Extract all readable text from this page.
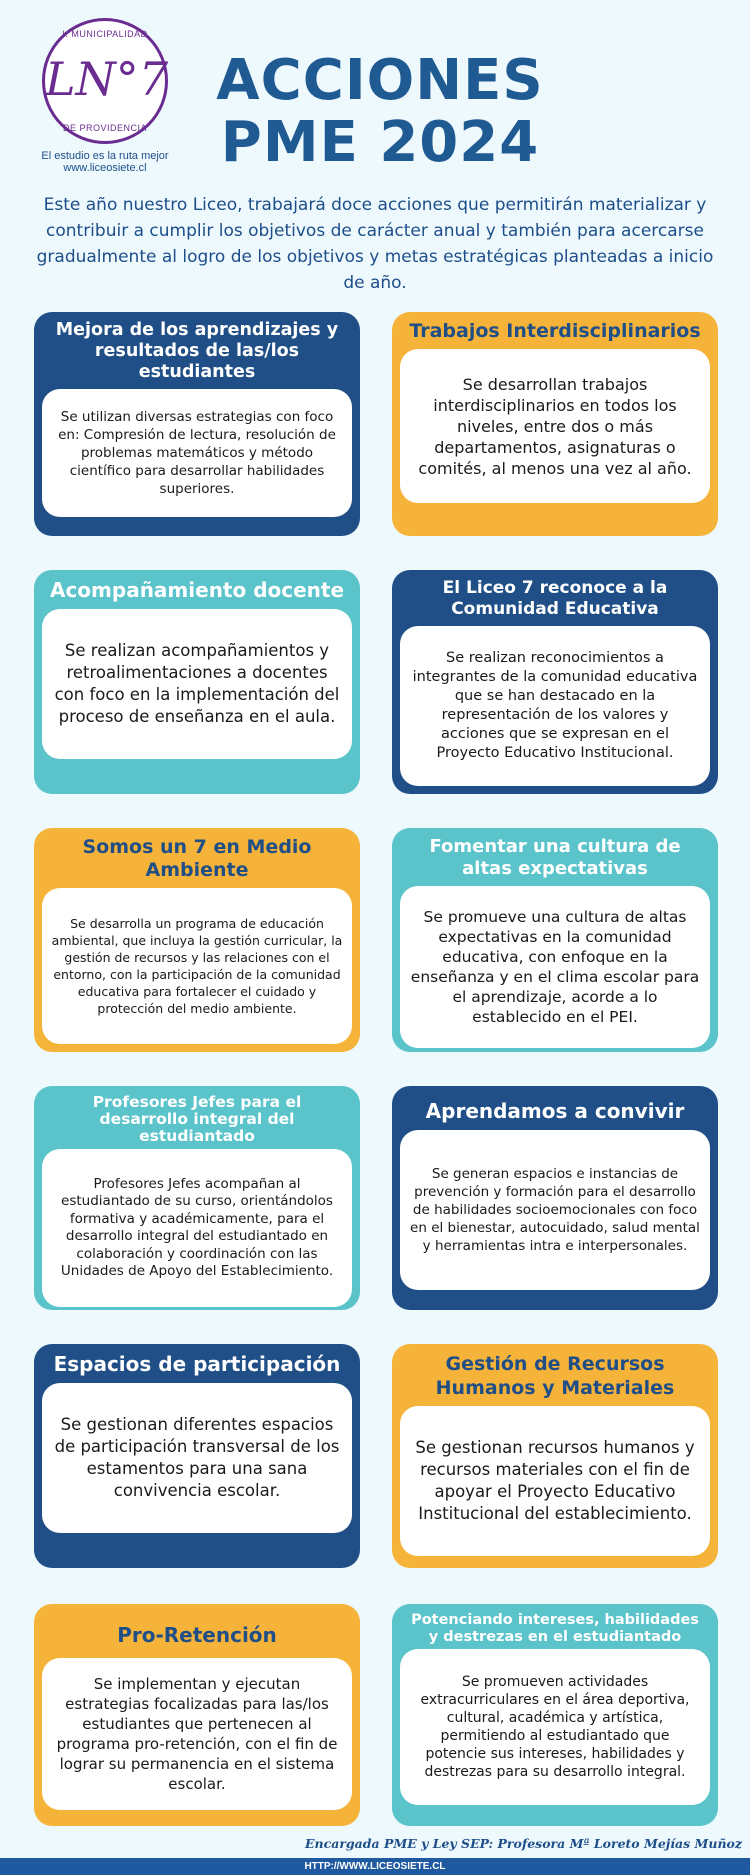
I. MUNICIPALIDAD
LN°7
DE PROVIDENCIA
El estudio es la ruta mejor
www.liceosiete.cl
ACCIONES
PME 2024
Este año nuestro Liceo, trabajará doce acciones que permitirán materializar y contribuir a cumplir los objetivos de carácter anual y también para acercarse gradualmente al logro de los objetivos y metas estratégicas planteadas a inicio de año.
Mejora de los aprendizajes y resultados de las/los estudiantes
Se utilizan diversas estrategias con foco en: Compresión de lectura, resolución de problemas matemáticos y método científico para desarrollar habilidades superiores.
Trabajos Interdisciplinarios
Se desarrollan trabajos interdisciplinarios en todos los niveles, entre dos o más departamentos, asignaturas o comités, al menos una vez al año.
Acompañamiento docente
Se realizan acompañamientos y retroalimentaciones a docentes con foco en la implementación del proceso de enseñanza en el aula.
El Liceo 7 reconoce a la Comunidad Educativa
Se realizan reconocimientos a integrantes de la comunidad educativa que se han destacado en la representación de los valores y acciones que se expresan en el Proyecto Educativo Institucional.
Somos un 7 en Medio Ambiente
Se desarrolla un programa de educación ambiental, que incluya la gestión curricular, la gestión de recursos y las relaciones con el entorno, con la participación de la comunidad educativa para fortalecer el cuidado y protección del medio ambiente.
Fomentar una cultura de altas expectativas
Se promueve una cultura de altas expectativas en la comunidad educativa, con enfoque en la enseñanza y en el clima escolar para el aprendizaje, acorde a lo establecido en el PEI.
Profesores Jefes para el desarrollo integral del estudiantado
Profesores Jefes acompañan al estudiantado de su curso, orientándolos formativa y académicamente, para el desarrollo integral del estudiantado en colaboración y coordinación con las Unidades de Apoyo del Establecimiento.
Aprendamos a convivir
Se generan espacios e instancias de prevención y formación para el desarrollo de habilidades socioemocionales con foco en el bienestar, autocuidado, salud mental y herramientas intra e interpersonales.
Espacios de participación
Se gestionan diferentes espacios de participación transversal de los estamentos para una sana convivencia escolar.
Gestión de Recursos Humanos y Materiales
Se gestionan recursos humanos y recursos materiales con el fin de apoyar el Proyecto Educativo Institucional del establecimiento.
Pro-Retención
Se implementan y ejecutan estrategias focalizadas para las/los estudiantes que pertenecen al programa pro-retención, con el fin de lograr su permanencia en el sistema escolar.
Potenciando intereses, habilidades y destrezas en el estudiantado
Se promueven actividades extracurriculares en el área deportiva, cultural, académica y artística, permitiendo al estudiantado que potencie sus intereses, habilidades y destrezas para su desarrollo integral.
Encargada PME y Ley SEP: Profesora Mª Loreto Mejías Muñoz
HTTP://WWW.LICEOSIETE.CL
